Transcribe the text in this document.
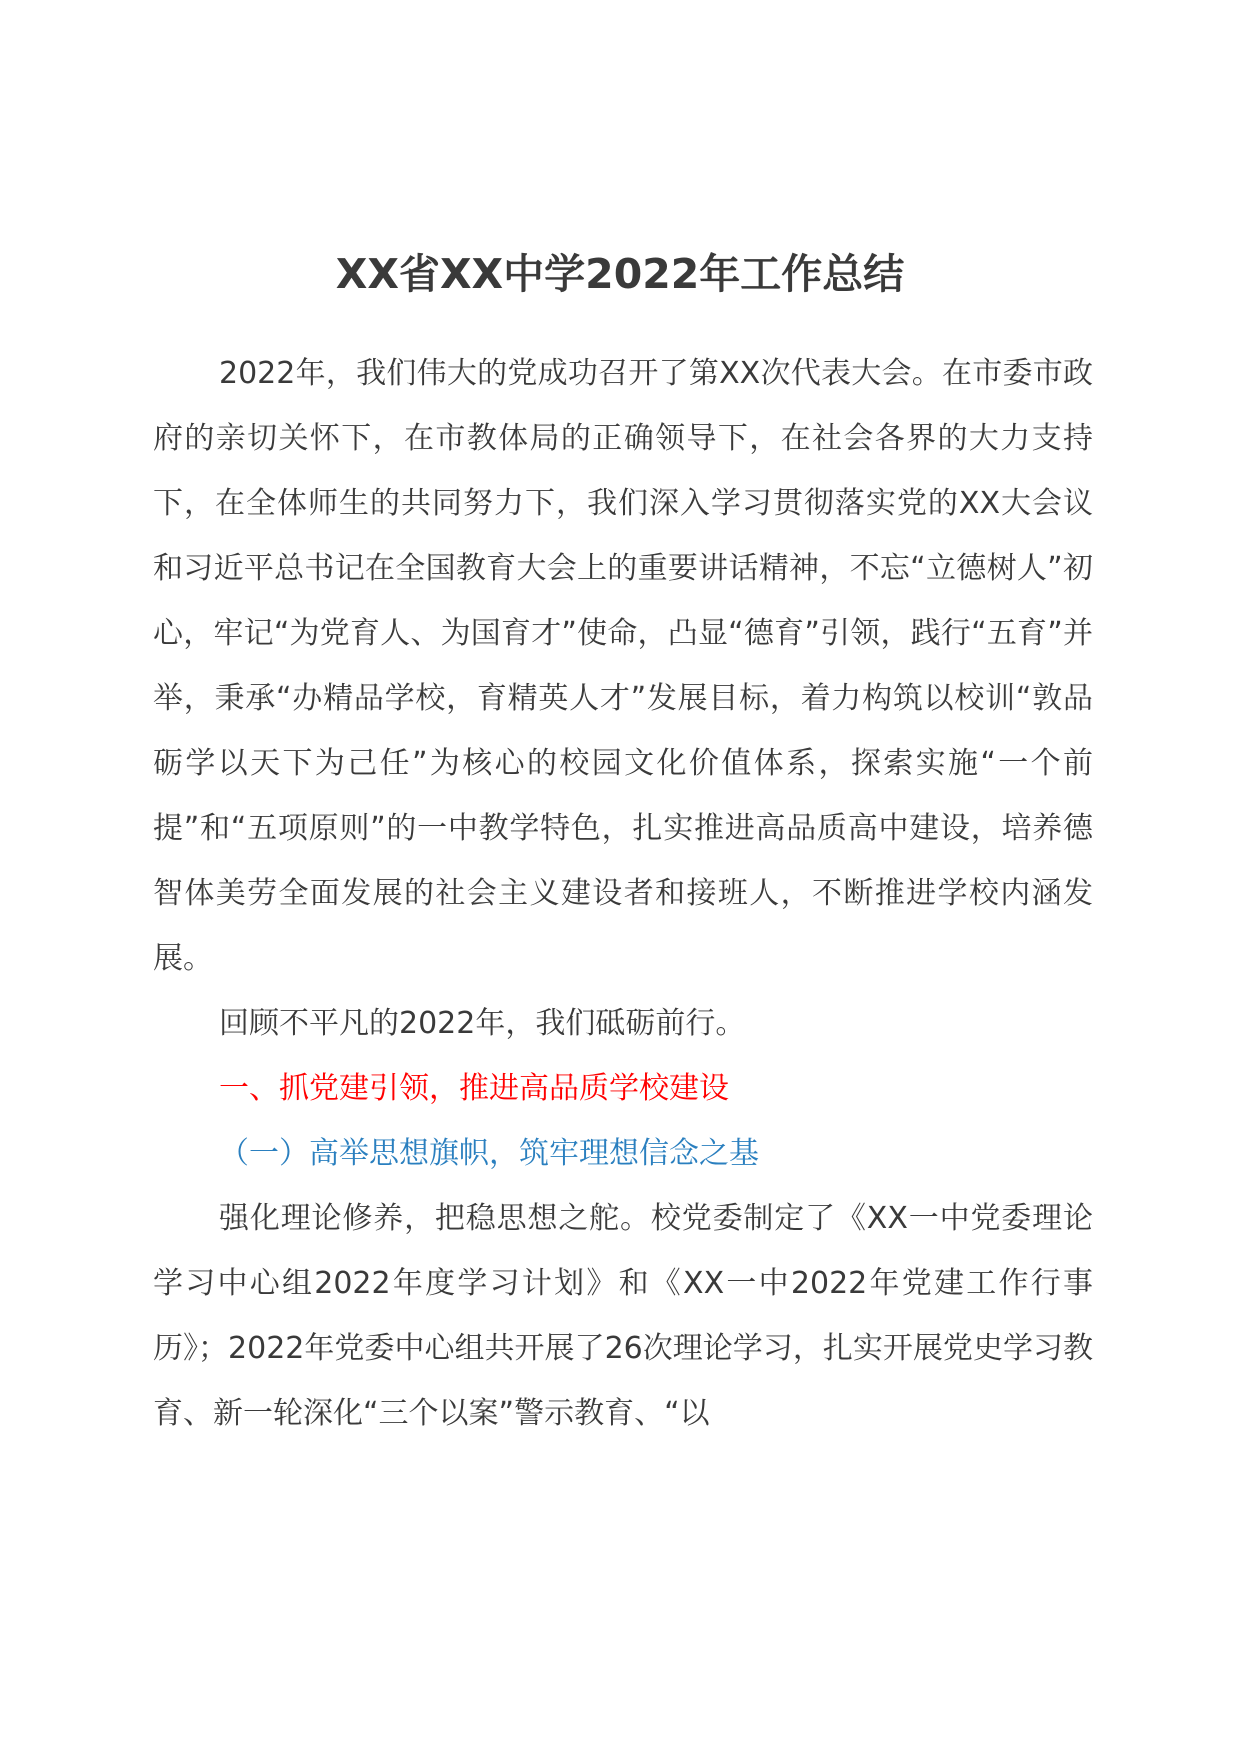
XX省XX中学2022年工作总结

2022年，我们伟大的党成功召开了第XX次代表大会。在市委市政府的亲切关怀下，在市教体局的正确领导下，在社会各界的大力支持下，在全体师生的共同努力下，我们深入学习贯彻落实党的XX大会议和习近平总书记在全国教育大会上的重要讲话精神，不忘“立德树人”初心，牢记“为党育人、为国育才”使命，凸显“德育”引领，践行“五育”并举，秉承“办精品学校，育精英人才”发展目标，着力构筑以校训“敦品砺学以天下为己任”为核心的校园文化价值体系，探索实施“一个前提”和“五项原则”的一中教学特色，扎实推进高品质高中建设，培养德智体美劳全面发展的社会主义建设者和接班人，不断推进学校内涵发展。

回顾不平凡的2022年，我们砥砺前行。

一、抓党建引领，推进高品质学校建设

（一）高举思想旗帜，筑牢理想信念之基

强化理论修养，把稳思想之舵。校党委制定了《XX一中党委理论学习中心组2022年度学习计划》和《XX一中2022年党建工作行事历》；2022年党委中心组共开展了26次理论学习，扎实开展党史学习教育、新一轮深化“三个以案”警示教育、“以
